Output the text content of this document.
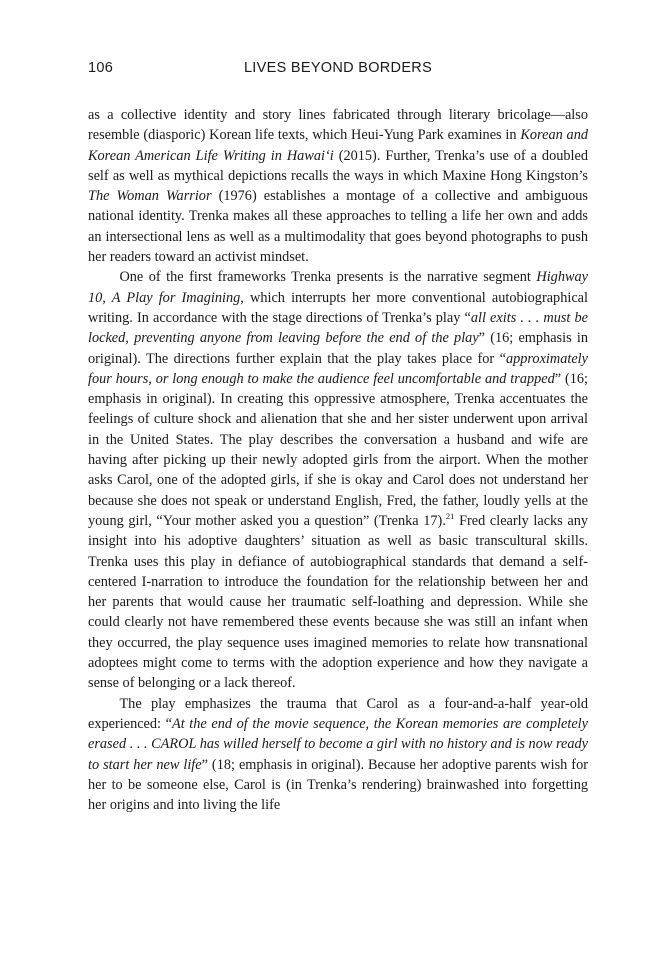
106	LIVES BEYOND BORDERS

as a collective identity and story lines fabricated through literary bricolage—also resemble (diasporic) Korean life texts, which Heui-Yung Park examines in Korean and Korean American Life Writing in Hawai‘i (2015). Further, Trenka’s use of a doubled self as well as mythical depictions recalls the ways in which Maxine Hong Kingston’s The Woman Warrior (1976) establishes a montage of a collective and ambiguous national identity. Trenka makes all these approaches to telling a life her own and adds an intersectional lens as well as a multimodality that goes beyond photographs to push her readers toward an activist mindset.

One of the first frameworks Trenka presents is the narrative segment Highway 10, A Play for Imagining, which interrupts her more conventional autobiographical writing. In accordance with the stage directions of Trenka’s play “all exits . . . must be locked, preventing anyone from leaving before the end of the play” (16; emphasis in original). The directions further explain that the play takes place for “approximately four hours, or long enough to make the audience feel uncomfortable and trapped” (16; emphasis in original). In creating this oppressive atmosphere, Trenka accentuates the feelings of culture shock and alienation that she and her sister underwent upon arrival in the United States. The play describes the conversation a husband and wife are having after picking up their newly adopted girls from the airport. When the mother asks Carol, one of the adopted girls, if she is okay and Carol does not understand her because she does not speak or understand English, Fred, the father, loudly yells at the young girl, “Your mother asked you a question” (Trenka 17).$^{21}$ Fred clearly lacks any insight into his adoptive daughters’ situation as well as basic transcultural skills. Trenka uses this play in defiance of autobiographical standards that demand a self-centered I-narration to introduce the foundation for the relationship between her and her parents that would cause her traumatic self-loathing and depression. While she could clearly not have remembered these events because she was still an infant when they occurred, the play sequence uses imagined memories to relate how transnational adoptees might come to terms with the adoption experience and how they navigate a sense of belonging or a lack thereof.

The play emphasizes the trauma that Carol as a four-and-a-half year-old experienced: “At the end of the movie sequence, the Korean memories are completely erased . . . CAROL has willed herself to become a girl with no history and is now ready to start her new life” (18; emphasis in original). Because her adoptive parents wish for her to be someone else, Carol is (in Trenka’s rendering) brainwashed into forgetting her origins and into living the life
